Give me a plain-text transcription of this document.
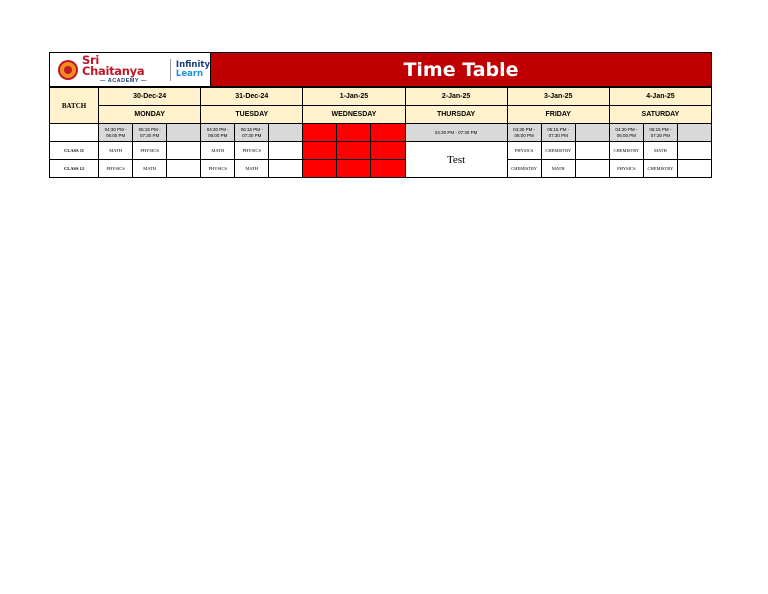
Sri Chaitanya
— ACADEMY —
Infinity
Learn	Time Table
BATCH	30-Dec-24			31-Dec-24			1-Jan-25			2-Jan-25	3-Jan-25			4-Jan-25		
	MONDAY			TUESDAY			WEDNESDAY			THURSDAY	FRIDAY			SATURDAY		
	04:30 PM - 06:00 PM	06:15 PM - 07:30 PM		04:30 PM - 06:00 PM	06:15 PM - 07:30 PM					04:30 PM - 07:30 PM	04:30 PM - 06:00 PM	06:15 PM - 07:30 PM		04:30 PM - 06:00 PM	06:15 PM - 07:30 PM	
CLASS 11	MATH	PHYSICS		MATH	PHYSICS					Test	PHYSICS	CHEMISTRY		CHEMISTRY	MATH	
CLASS 12	PHYSICS	MATH		PHYSICS	MATH						CHEMISTRY	MATH		PHYSICS	CHEMISTRY	
